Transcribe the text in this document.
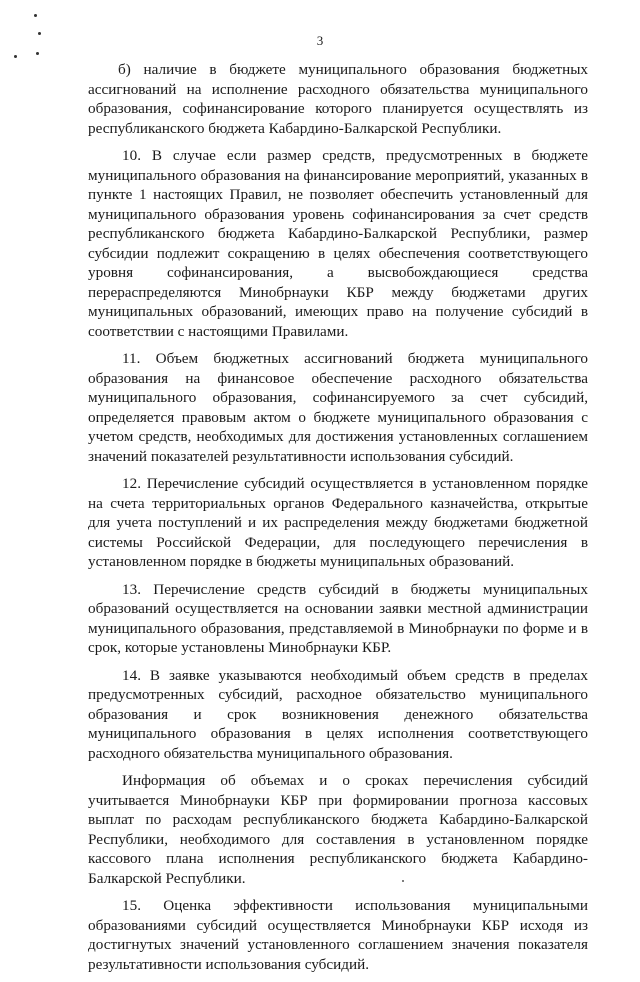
3

б) наличие в бюджете муниципального образования бюджетных ассигнований на исполнение расходного обязательства муниципального образования, софинансирование которого планируется осуществлять из республиканского бюджета Кабардино-Балкарской Республики.

10. В случае если размер средств, предусмотренных в бюджете муниципального образования на финансирование мероприятий, указанных в пункте 1 настоящих Правил, не позволяет обеспечить установленный для муниципального образования уровень софинансирования за счет средств республиканского бюджета Кабардино-Балкарской Республики, размер субсидии подлежит сокращению в целях обеспечения соответствующего уровня софинансирования, а высвобождающиеся средства перераспределяются Минобрнауки КБР между бюджетами других муниципальных образований, имеющих право на получение субсидий в соответствии с настоящими Правилами.

11. Объем бюджетных ассигнований бюджета муниципального образования на финансовое обеспечение расходного обязательства муниципального образования, софинансируемого за счет субсидий, определяется правовым актом о бюджете муниципального образования с учетом средств, необходимых для достижения установленных соглашением значений показателей результативности использования субсидий.

12. Перечисление субсидий осуществляется в установленном порядке на счета территориальных органов Федерального казначейства, открытые для учета поступлений и их распределения между бюджетами бюджетной системы Российской Федерации, для последующего перечисления в установленном порядке в бюджеты муниципальных образований.

13. Перечисление средств субсидий в бюджеты муниципальных образований осуществляется на основании заявки местной администрации муниципального образования, представляемой в Минобрнауки по форме и в срок, которые установлены Минобрнауки КБР.

14. В заявке указываются необходимый объем средств в пределах предусмотренных субсидий, расходное обязательство муниципального образования и срок возникновения денежного обязательства муниципального образования в целях исполнения соответствующего расходного обязательства муниципального образования.

Информация об объемах и о сроках перечисления субсидий учитывается Минобрнауки КБР при формировании прогноза кассовых выплат по расходам республиканского бюджета Кабардино-Балкарской Республики, необходимого для составления в установленном порядке кассового плана исполнения республиканского бюджета Кабардино-Балкарской Республики.

15. Оценка эффективности использования муниципальными образованиями субсидий осуществляется Минобрнауки КБР исходя из достигнутых значений установленного соглашением значения показателя результативности использования субсидий.
